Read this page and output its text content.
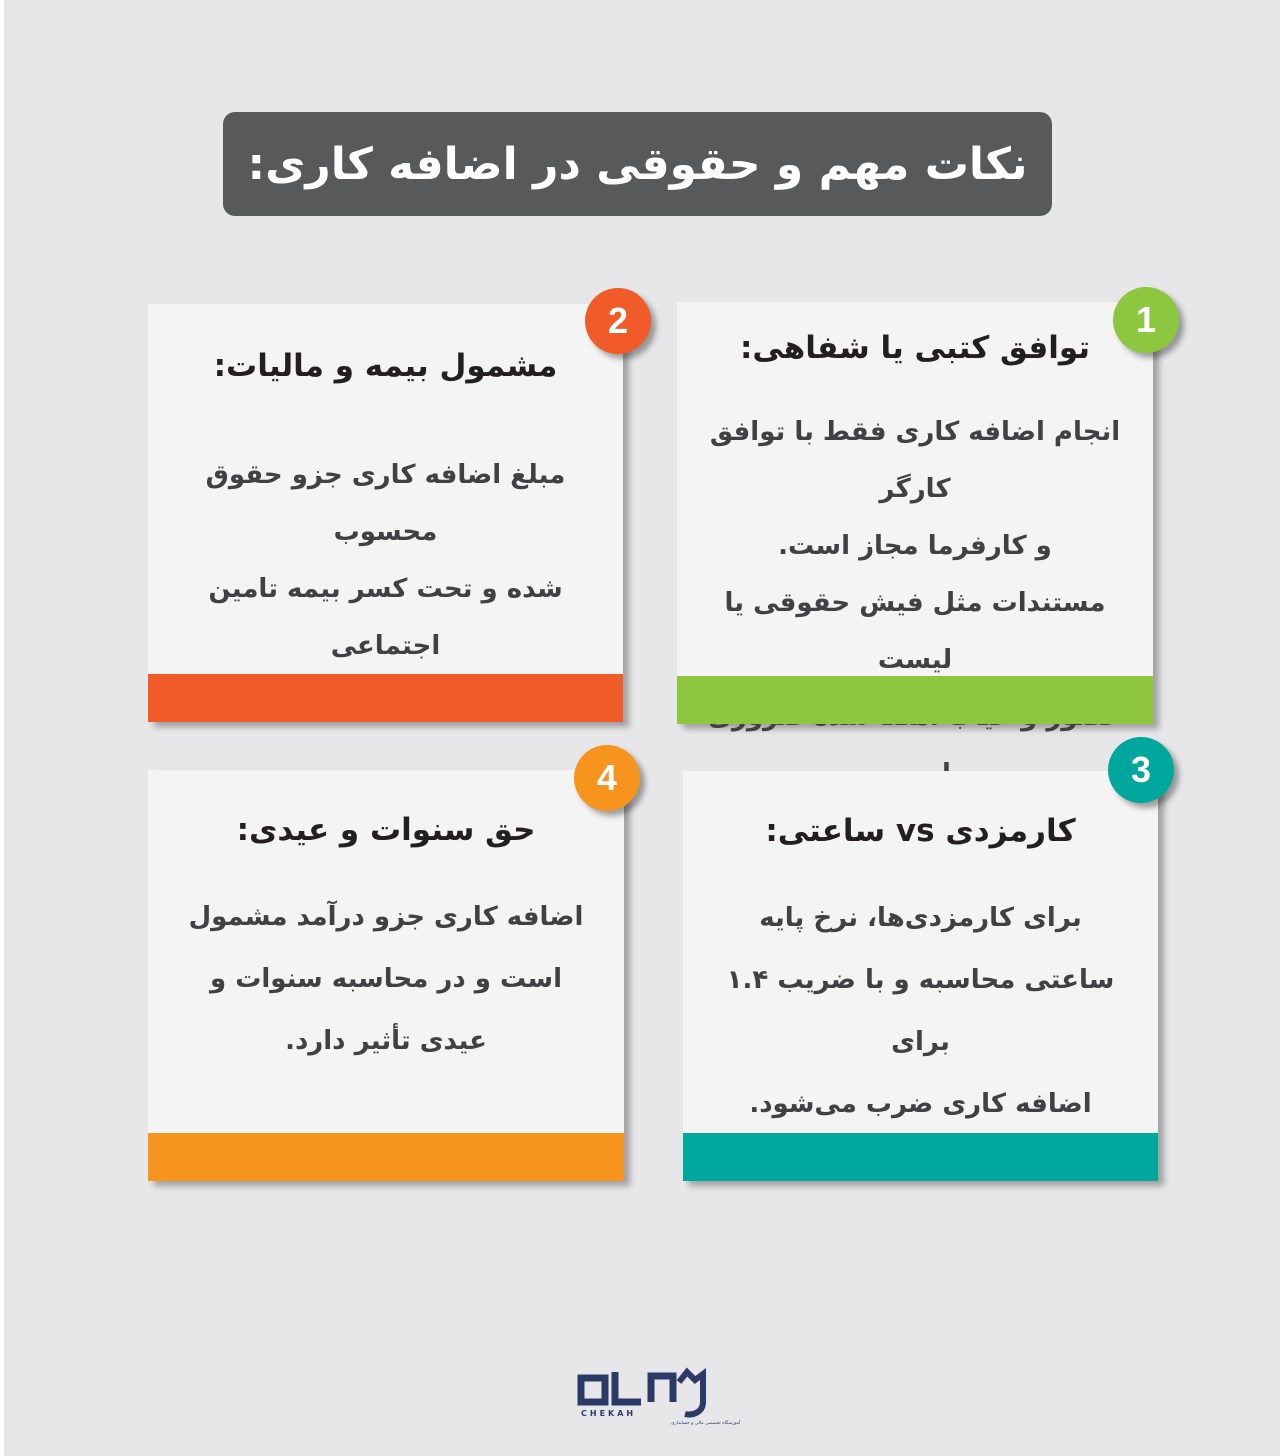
نکات مهم و حقوقی در اضافه کاری:
توافق کتبی یا شفاهی:

انجام اضافه کاری فقط با توافق کارگر

و کارفرما مجاز است.

مستندات مثل فیش حقوقی یا لیست

1
مشمول بیمه و مالیات:

مبلغ اضافه کاری جزو حقوق محسوب

شده و تحت کسر بیمه تامین اجتماعی

2
کارمزدی vs ساعتی:

برای کارمزدی‌ها، نرخ پایه

ساعتی محاسبه و با ضریب ۱.۴ برای

اضافه کاری ضرب می‌شود.

3
حق سنوات و عیدی:

اضافه کاری جزو درآمد مشمول

است و در محاسبه سنوات و

عیدی تأثیر دارد.

4
CHEKAH
آموزشگاه تخصصی مالی و حسابداری
